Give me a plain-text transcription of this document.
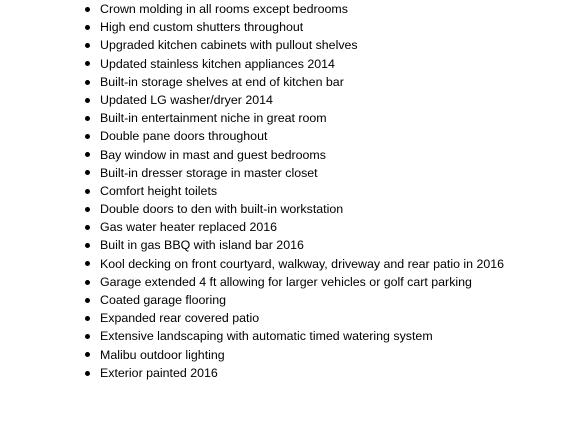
Crown molding in all rooms except bedrooms
High end custom shutters throughout
Upgraded kitchen cabinets with pullout shelves
Updated stainless kitchen appliances 2014
Built-in storage shelves at end of kitchen bar
Updated LG washer/dryer 2014
Built-in entertainment niche in great room
Double pane doors throughout
Bay window in mast and guest bedrooms
Built-in dresser storage in master closet
Comfort height toilets
Double doors to den with built-in workstation
Gas water heater replaced 2016
Built in gas BBQ with island bar 2016
Kool decking on front courtyard, walkway, driveway and rear patio in 2016
Garage extended 4 ft allowing for larger vehicles or golf cart parking
Coated garage flooring
Expanded rear covered patio
Extensive landscaping with automatic timed watering system
Malibu outdoor lighting
Exterior painted 2016
